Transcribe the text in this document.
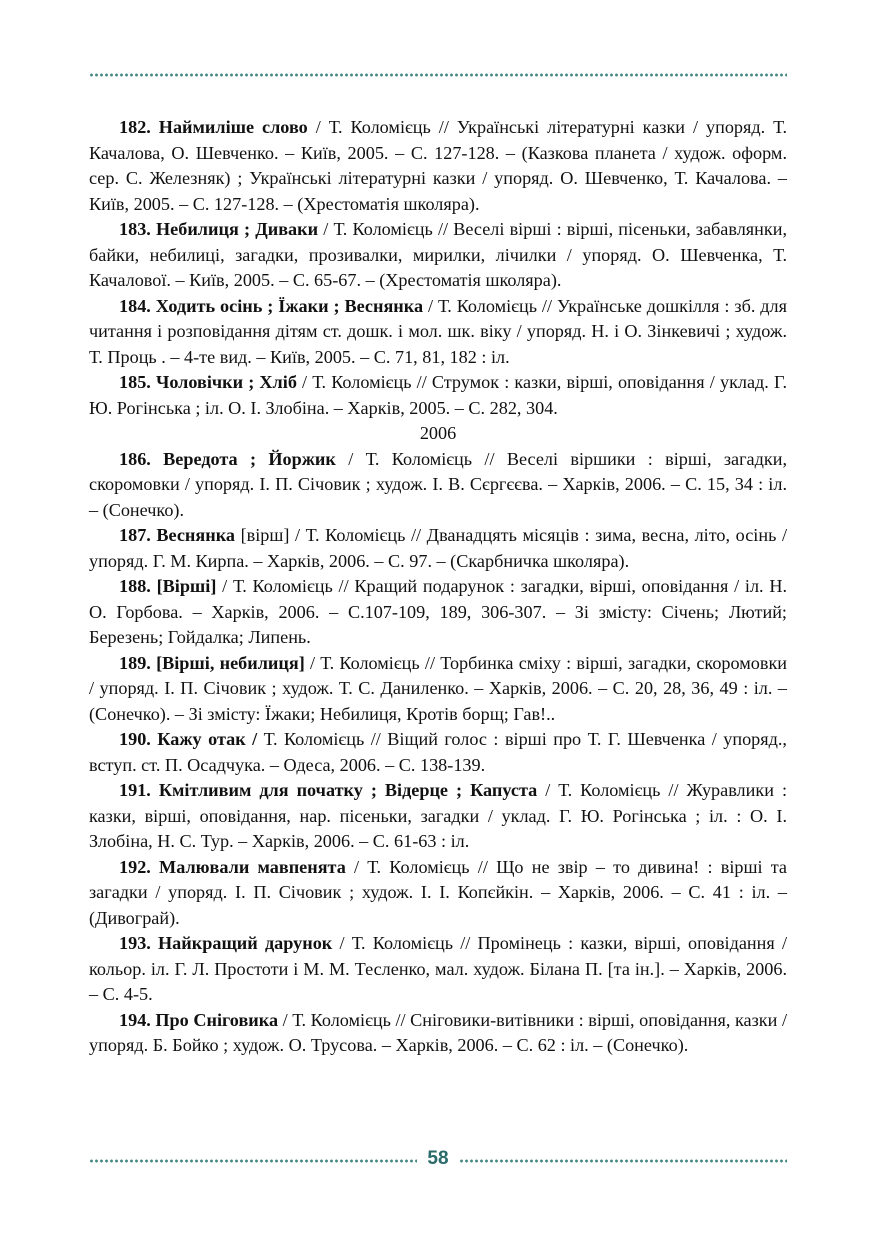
182. Наймиліше слово / Т. Коломієць // Українські літературні казки / упоряд. Т. Качалова, О. Шевченко. – Київ, 2005. – С. 127-128. – (Казкова планета / худож. оформ. сер. С. Железняк) ; Українські літературні казки / упоряд. О. Шевченко, Т. Качалова. – Київ, 2005. – С. 127-128. – (Хрестоматія школяра).

183. Небилиця ; Диваки / Т. Коломієць // Веселі вірші : вірші, пісеньки, забавлянки, байки, небилиці, загадки, прозивалки, мирилки, лічилки / упоряд. О. Шевченка, Т. Качалової. – Київ, 2005. – С. 65-67. – (Хрестоматія школяра).

184. Ходить осінь ; Їжаки ; Веснянка / Т. Коломієць // Українське дошкілля : зб. для читання і розповідання дітям ст. дошк. і мол. шк. віку / упоряд. Н. і О. Зінкевичі ; худож. Т. Проць . – 4-те вид. – Київ, 2005. – С. 71, 81, 182 : іл.

185. Чоловічки ; Хліб / Т. Коломієць // Струмок : казки, вірші, оповідання / уклад. Г. Ю. Рогінська ; іл. О. І. Злобіна. – Харків, 2005. – С. 282, 304.

2006

186. Вередота ; Йоржик / Т. Коломієць // Веселі віршики : вірші, загадки, скоромовки / упоряд. І. П. Січовик ; худож. І. В. Сєргєєва. – Харків, 2006. – С. 15, 34 : іл. – (Сонечко).

187. Веснянка [вірш] / Т. Коломієць // Дванадцять місяців : зима, весна, літо, осінь / упоряд. Г. М. Кирпа. – Харків, 2006. – С. 97. – (Скарбничка школяра).

188. [Вірші] / Т. Коломієць // Кращий подарунок : загадки, вірші, оповідання / іл. Н. О. Горбова. – Харків, 2006. – С.107-109, 189, 306-307. – Зі змісту: Січень; Лютий; Березень; Гойдалка; Липень.

189. [Вірші, небилиця] / Т. Коломієць // Торбинка сміху : вірші, загадки, скоромовки / упоряд. І. П. Січовик ; худож. Т. С. Даниленко. – Харків, 2006. – С. 20, 28, 36, 49 : іл. – (Сонечко). – Зі змісту: Їжаки; Небилиця, Кротів борщ; Гав!..

190. Кажу отак / Т. Коломієць // Віщий голос : вірші про Т. Г. Шевченка / упоряд., вступ. ст. П. Осадчука. – Одеса, 2006. – С. 138-139.

191. Кмітливим для початку ; Відерце ; Капуста / Т. Коломієць // Журавлики : казки, вірші, оповідання, нар. пісеньки, загадки / уклад. Г. Ю. Рогінська ; іл. : О. І. Злобіна, Н. С. Тур. – Харків, 2006. – С. 61-63 : іл.

192. Малювали мавпенята / Т. Коломієць // Що не звір – то дивина! : вірші та загадки / упоряд. І. П. Січовик ; худож. І. І. Копєйкін. – Харків, 2006. – С. 41 : іл. – (Дивограй).

193. Найкращий дарунок / Т. Коломієць // Промінець : казки, вірші, оповідання / кольор. іл. Г. Л. Простоти і М. М. Тесленко, мал. худож. Білана П. [та ін.]. – Харків, 2006. – С. 4-5.

194. Про Сніговика / Т. Коломієць // Сніговики-витівники : вірші, оповідання, казки / упоряд. Б. Бойко ; худож. О. Трусова. – Харків, 2006. – С. 62 : іл. – (Сонечко).

58
